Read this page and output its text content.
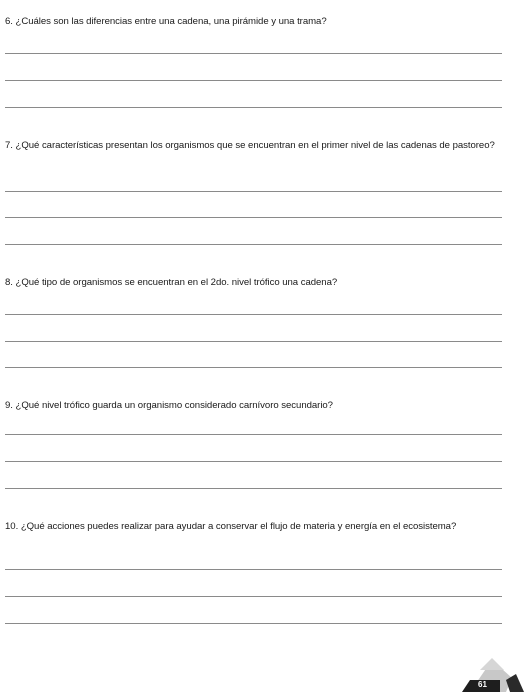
6. ¿Cuáles son las diferencias entre una cadena, una pirámide y una trama?
7. ¿Qué características presentan los organismos que se encuentran en el primer nivel de las cadenas de pastoreo?
8. ¿Qué tipo de organismos se encuentran en el 2do. nivel trófico una cadena?
9. ¿Qué nivel trófico guarda un organismo considerado carnívoro secundario?
10. ¿Qué acciones puedes realizar para ayudar a conservar el flujo de materia y energía en el ecosistema?
61
